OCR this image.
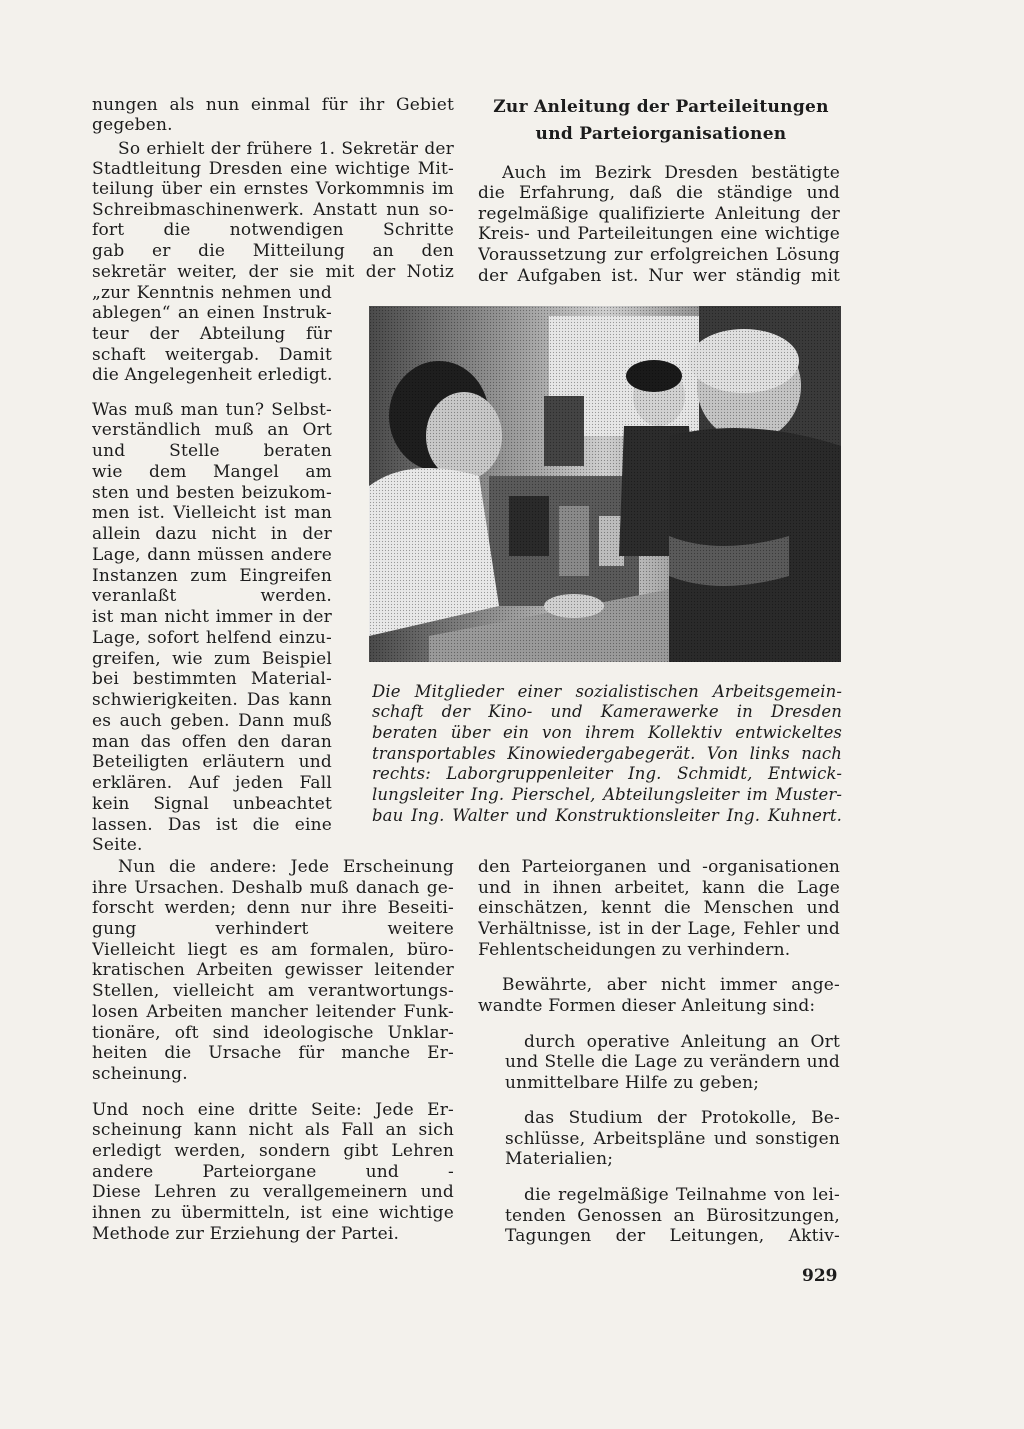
nungen als nun einmal für ihr Gebiet
gegeben.
So erhielt der frühere 1. Sekretär der
Stadtleitung Dresden eine wichtige Mit-
teilung über ein ernstes Vorkommnis im
Schreibmaschinenwerk. Anstatt nun so-
fort die notwendigen Schritte
gab er die Mitteilung an den
sekretär weiter, der sie mit der Notiz
„zur Kenntnis nehmen und
ablegen“ an einen Instruk-
teur der Abteilung für
schaft weitergab. Damit
die Angelegenheit erledigt.
Was muß man tun? Selbst-
verständlich muß an Ort
und Stelle beraten
wie dem Mangel am
sten und besten beizukom-
men ist. Vielleicht ist man
allein dazu nicht in der
Lage, dann müssen andere
Instanzen zum Eingreifen
veranlaßt werden.
ist man nicht immer in der
Lage, sofort helfend einzu-
greifen, wie zum Beispiel
bei bestimmten Material-
schwierigkeiten. Das kann
es auch geben. Dann muß
man das offen den daran
Beteiligten erläutern und
erklären. Auf jeden Fall
kein Signal unbeachtet
lassen. Das ist die eine
Seite.
Nun die andere: Jede Erscheinung
ihre Ursachen. Deshalb muß danach ge-
forscht werden; denn nur ihre Beseiti-
gung verhindert weitere
Vielleicht liegt es am formalen, büro-
kratischen Arbeiten gewisser leitender
Stellen, vielleicht am verantwortungs-
losen Arbeiten mancher leitender Funk-
tionäre, oft sind ideologische Unklar-
heiten die Ursache für manche Er-
scheinung.
Und noch eine dritte Seite: Jede Er-
scheinung kann nicht als Fall an sich
erledigt werden, sondern gibt Lehren
andere Parteiorgane und -
Diese Lehren zu verallgemeinern und
ihnen zu übermitteln, ist eine wichtige
Methode zur Erziehung der Partei.
Zur Anleitung der Parteileitungen
und Parteiorganisationen
Auch im Bezirk Dresden bestätigte
die Erfahrung, daß die ständige und
regelmäßige qualifizierte Anleitung der
Kreis- und Parteileitungen eine wichtige
Voraussetzung zur erfolgreichen Lösung
der Aufgaben ist. Nur wer ständig mit
den Parteiorganen und -organisationen
und in ihnen arbeitet, kann die Lage
einschätzen, kennt die Menschen und
Verhältnisse, ist in der Lage, Fehler und
Fehlentscheidungen zu verhindern.
Bewährte, aber nicht immer ange-
wandte Formen dieser Anleitung sind:
durch operative Anleitung an Ort
und Stelle die Lage zu verändern und
unmittelbare Hilfe zu geben;
das Studium der Protokolle, Be-
schlüsse, Arbeitspläne und sonstigen
Materialien;
die regelmäßige Teilnahme von lei-
tenden Genossen an Bürositzungen,
Tagungen der Leitungen, Aktiv-
Die Mitglieder einer sozialistischen Arbeitsgemein-
schaft der Kino- und Kamerawerke in Dresden
beraten über ein von ihrem Kollektiv entwickeltes
transportables Kinowiedergabegerät. Von links nach
rechts: Laborgruppenleiter Ing. Schmidt, Entwick-
lungsleiter Ing. Pierschel, Abteilungsleiter im Muster-
bau Ing. Walter und Konstruktionsleiter Ing. Kuhnert.
929
